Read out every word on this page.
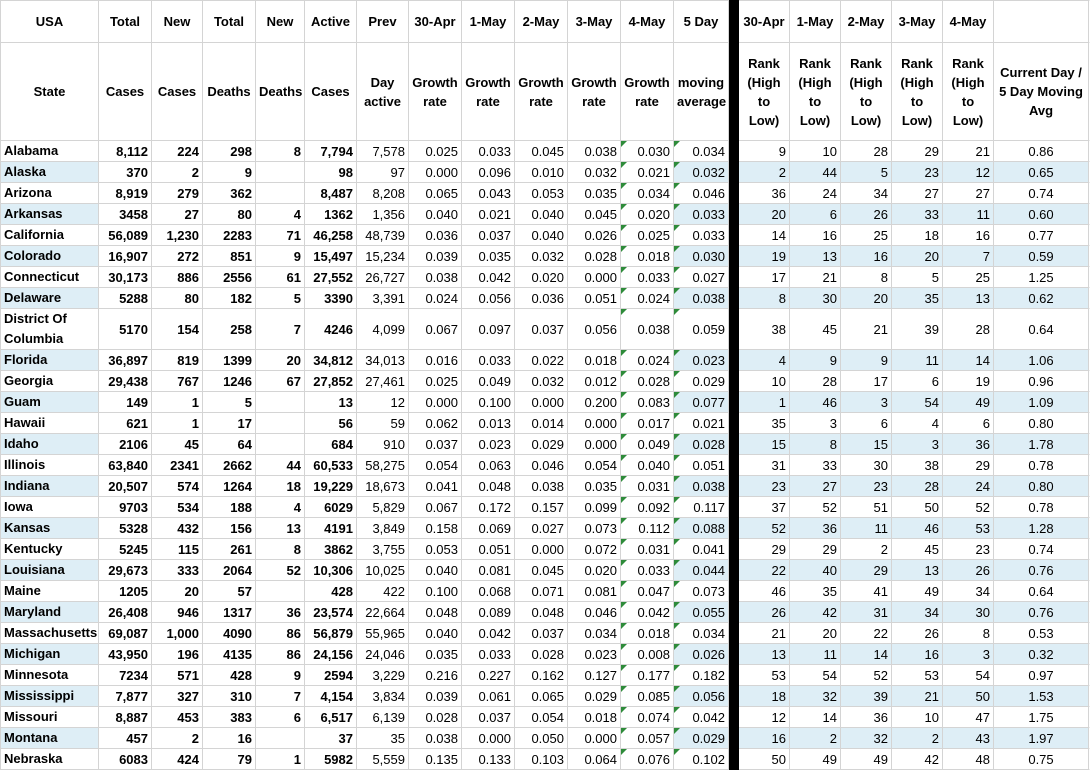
USA	Total	New	Total	New	Active	Prev	30-Apr	1-May	2-May	3-May	4-May	5 Day		30-Apr	1-May	2-May	3-May	4-May		
State	Cases	Cases	Deaths	Deaths	Cases	Day active	Growth rate	Growth rate	Growth rate	Growth rate	Growth rate	moving average		Rank (High to Low)	Rank (High to Low)	Rank (High to Low)	Rank (High to Low)	Rank (High to Low)	Current Day / 5 Day Moving Avg	
Alabama	8,112	224	298	8	7,794	7,578	0.025	0.033	0.045	0.038	0.030	0.034		9	10	28	29	21	0.86	
Alaska	370	2	9		98	97	0.000	0.096	0.010	0.032	0.021	0.032		2	44	5	23	12	0.65	
Arizona	8,919	279	362		8,487	8,208	0.065	0.043	0.053	0.035	0.034	0.046		36	24	34	27	27	0.74	
Arkansas	3458	27	80	4	1362	1,356	0.040	0.021	0.040	0.045	0.020	0.033		20	6	26	33	11	0.60	
California	56,089	1,230	2283	71	46,258	48,739	0.036	0.037	0.040	0.026	0.025	0.033		14	16	25	18	16	0.77	
Colorado	16,907	272	851	9	15,497	15,234	0.039	0.035	0.032	0.028	0.018	0.030		19	13	16	20	7	0.59	
Connecticut	30,173	886	2556	61	27,552	26,727	0.038	0.042	0.020	0.000	0.033	0.027		17	21	8	5	25	1.25	
Delaware	5288	80	182	5	3390	3,391	0.024	0.056	0.036	0.051	0.024	0.038		8	30	20	35	13	0.62	
District Of Columbia	5170	154	258	7	4246	4,099	0.067	0.097	0.037	0.056	0.038	0.059		38	45	21	39	28	0.64	
Florida	36,897	819	1399	20	34,812	34,013	0.016	0.033	0.022	0.018	0.024	0.023		4	9	9	11	14	1.06	
Georgia	29,438	767	1246	67	27,852	27,461	0.025	0.049	0.032	0.012	0.028	0.029		10	28	17	6	19	0.96	
Guam	149	1	5		13	12	0.000	0.100	0.000	0.200	0.083	0.077		1	46	3	54	49	1.09	
Hawaii	621	1	17		56	59	0.062	0.013	0.014	0.000	0.017	0.021		35	3	6	4	6	0.80	
Idaho	2106	45	64		684	910	0.037	0.023	0.029	0.000	0.049	0.028		15	8	15	3	36	1.78	
Illinois	63,840	2341	2662	44	60,533	58,275	0.054	0.063	0.046	0.054	0.040	0.051		31	33	30	38	29	0.78	
Indiana	20,507	574	1264	18	19,229	18,673	0.041	0.048	0.038	0.035	0.031	0.038		23	27	23	28	24	0.80	
Iowa	9703	534	188	4	6029	5,829	0.067	0.172	0.157	0.099	0.092	0.117		37	52	51	50	52	0.78	
Kansas	5328	432	156	13	4191	3,849	0.158	0.069	0.027	0.073	0.112	0.088		52	36	11	46	53	1.28	
Kentucky	5245	115	261	8	3862	3,755	0.053	0.051	0.000	0.072	0.031	0.041		29	29	2	45	23	0.74	
Louisiana	29,673	333	2064	52	10,306	10,025	0.040	0.081	0.045	0.020	0.033	0.044		22	40	29	13	26	0.76	
Maine	1205	20	57		428	422	0.100	0.068	0.071	0.081	0.047	0.073		46	35	41	49	34	0.64	
Maryland	26,408	946	1317	36	23,574	22,664	0.048	0.089	0.048	0.046	0.042	0.055		26	42	31	34	30	0.76	
Massachusetts	69,087	1,000	4090	86	56,879	55,965	0.040	0.042	0.037	0.034	0.018	0.034		21	20	22	26	8	0.53	
Michigan	43,950	196	4135	86	24,156	24,046	0.035	0.033	0.028	0.023	0.008	0.026		13	11	14	16	3	0.32	
Minnesota	7234	571	428	9	2594	3,229	0.216	0.227	0.162	0.127	0.177	0.182		53	54	52	53	54	0.97	
Mississippi	7,877	327	310	7	4,154	3,834	0.039	0.061	0.065	0.029	0.085	0.056		18	32	39	21	50	1.53	
Missouri	8,887	453	383	6	6,517	6,139	0.028	0.037	0.054	0.018	0.074	0.042		12	14	36	10	47	1.75	
Montana	457	2	16		37	35	0.038	0.000	0.050	0.000	0.057	0.029		16	2	32	2	43	1.97	
Nebraska	6083	424	79	1	5982	5,559	0.135	0.133	0.103	0.064	0.076	0.102		50	49	49	42	48	0.75	
